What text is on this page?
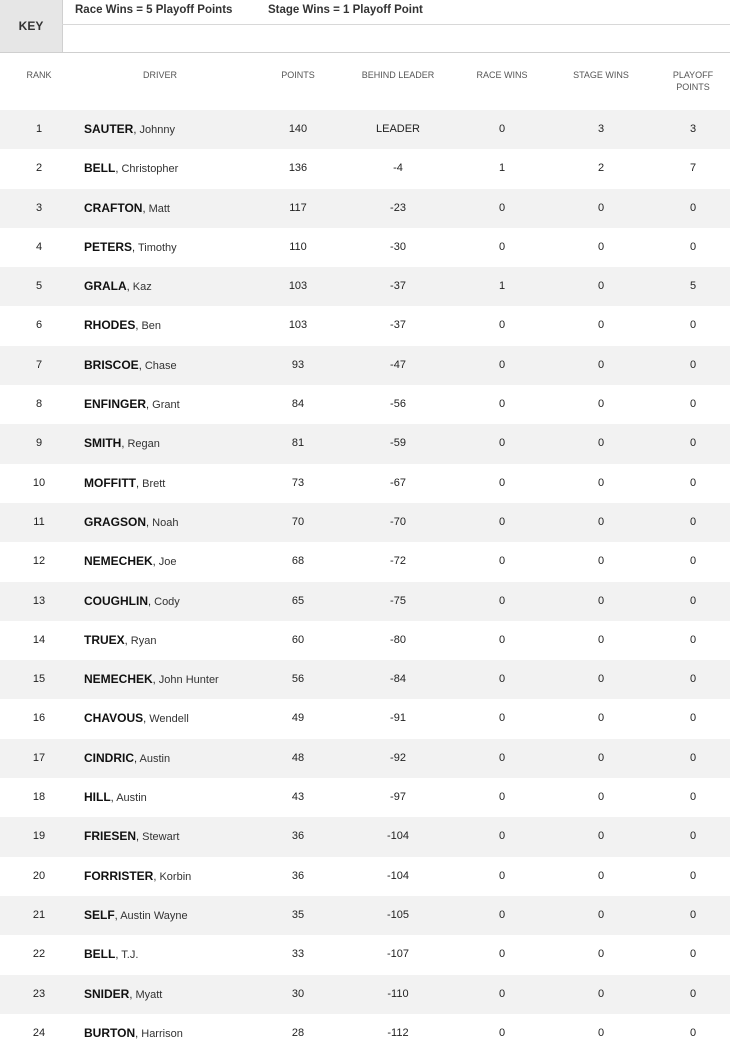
KEY
Race Wins = 5 Playoff Points	Stage Wins = 1 Playoff Point
RANK	DRIVER	POINTS	BEHIND LEADER	RACE WINS	STAGE WINS	PLAYOFF POINTS
1	SAUTER, Johnny	140	LEADER	0	3	3
2	BELL, Christopher	136	-4	1	2	7
3	CRAFTON, Matt	117	-23	0	0	0
4	PETERS, Timothy	110	-30	0	0	0
5	GRALA, Kaz	103	-37	1	0	5
6	RHODES, Ben	103	-37	0	0	0
7	BRISCOE, Chase	93	-47	0	0	0
8	ENFINGER, Grant	84	-56	0	0	0
9	SMITH, Regan	81	-59	0	0	0
10	MOFFITT, Brett	73	-67	0	0	0
11	GRAGSON, Noah	70	-70	0	0	0
12	NEMECHEK, Joe	68	-72	0	0	0
13	COUGHLIN, Cody	65	-75	0	0	0
14	TRUEX, Ryan	60	-80	0	0	0
15	NEMECHEK, John Hunter	56	-84	0	0	0
16	CHAVOUS, Wendell	49	-91	0	0	0
17	CINDRIC, Austin	48	-92	0	0	0
18	HILL, Austin	43	-97	0	0	0
19	FRIESEN, Stewart	36	-104	0	0	0
20	FORRISTER, Korbin	36	-104	0	0	0
21	SELF, Austin Wayne	35	-105	0	0	0
22	BELL, T.J.	33	-107	0	0	0
23	SNIDER, Myatt	30	-110	0	0	0
24	BURTON, Harrison	28	-112	0	0	0
